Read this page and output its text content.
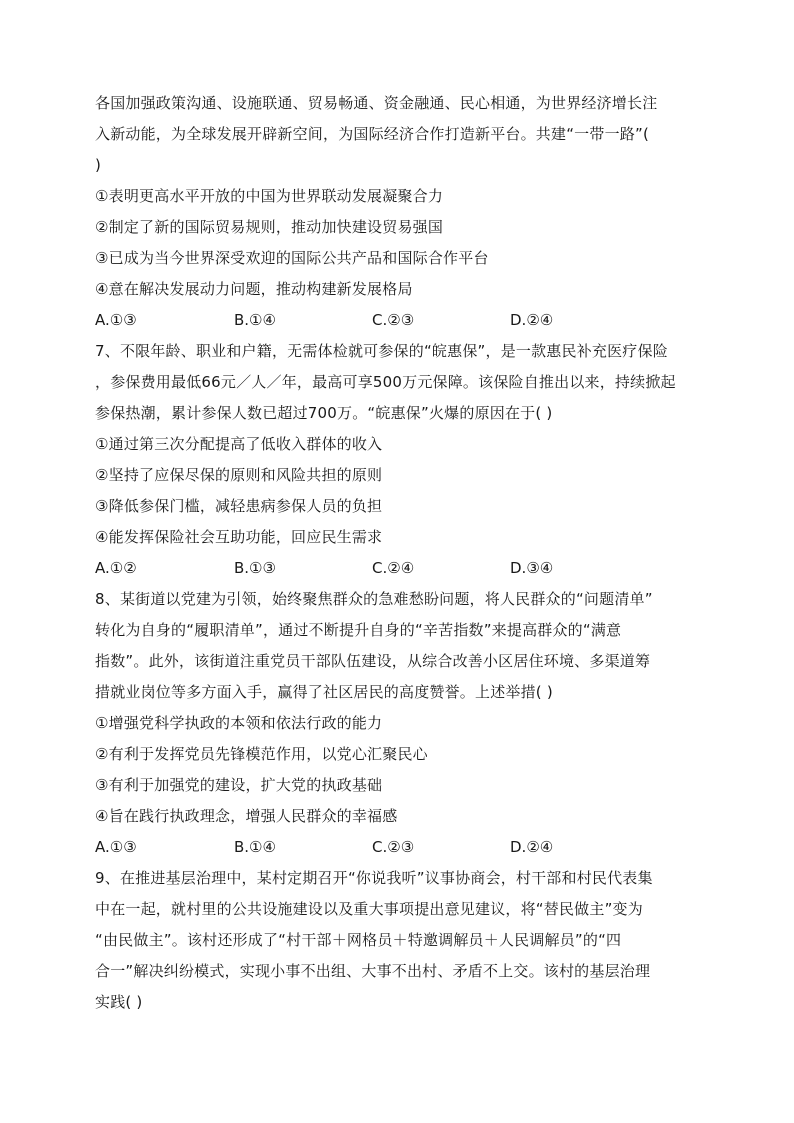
各国加强政策沟通、设施联通、贸易畅通、资金融通、民心相通，为世界经济增长注
入新动能，为全球发展开辟新空间，为国际经济合作打造新平台。共建“一带一路”(
)
①表明更高水平开放的中国为世界联动发展凝聚合力
②制定了新的国际贸易规则，推动加快建设贸易强国
③已成为当今世界深受欢迎的国际公共产品和国际合作平台
④意在解决发展动力问题，推动构建新发展格局
A.①③	B.①④	C.②③	D.②④
7、不限年龄、职业和户籍，无需体检就可参保的“皖惠保”，是一款惠民补充医疗保险
，参保费用最低66元／人／年，最高可享500万元保障。该保险自推出以来，持续掀起
参保热潮，累计参保人数已超过700万。“皖惠保”火爆的原因在于( )
①通过第三次分配提高了低收入群体的收入
②坚持了应保尽保的原则和风险共担的原则
③降低参保门槛，减轻患病参保人员的负担
④能发挥保险社会互助功能，回应民生需求
A.①②	B.①③	C.②④	D.③④
8、某街道以党建为引领，始终聚焦群众的急难愁盼问题，将人民群众的“问题清单”
转化为自身的“履职清单”，通过不断提升自身的“辛苦指数”来提高群众的“满意
指数”。此外，该街道注重党员干部队伍建设，从综合改善小区居住环境、多渠道筹
措就业岗位等多方面入手，赢得了社区居民的高度赞誉。上述举措( )
①增强党科学执政的本领和依法行政的能力
②有利于发挥党员先锋模范作用，以党心汇聚民心
③有利于加强党的建设，扩大党的执政基础
④旨在践行执政理念，增强人民群众的幸福感
A.①③	B.①④	C.②③	D.②④
9、在推进基层治理中，某村定期召开“你说我听”议事协商会，村干部和村民代表集
中在一起，就村里的公共设施建设以及重大事项提出意见建议，将“替民做主”变为
“由民做主”。该村还形成了“村干部＋网格员＋特邀调解员＋人民调解员”的“四
合一”解决纠纷模式，实现小事不出组、大事不出村、矛盾不上交。该村的基层治理
实践( )
